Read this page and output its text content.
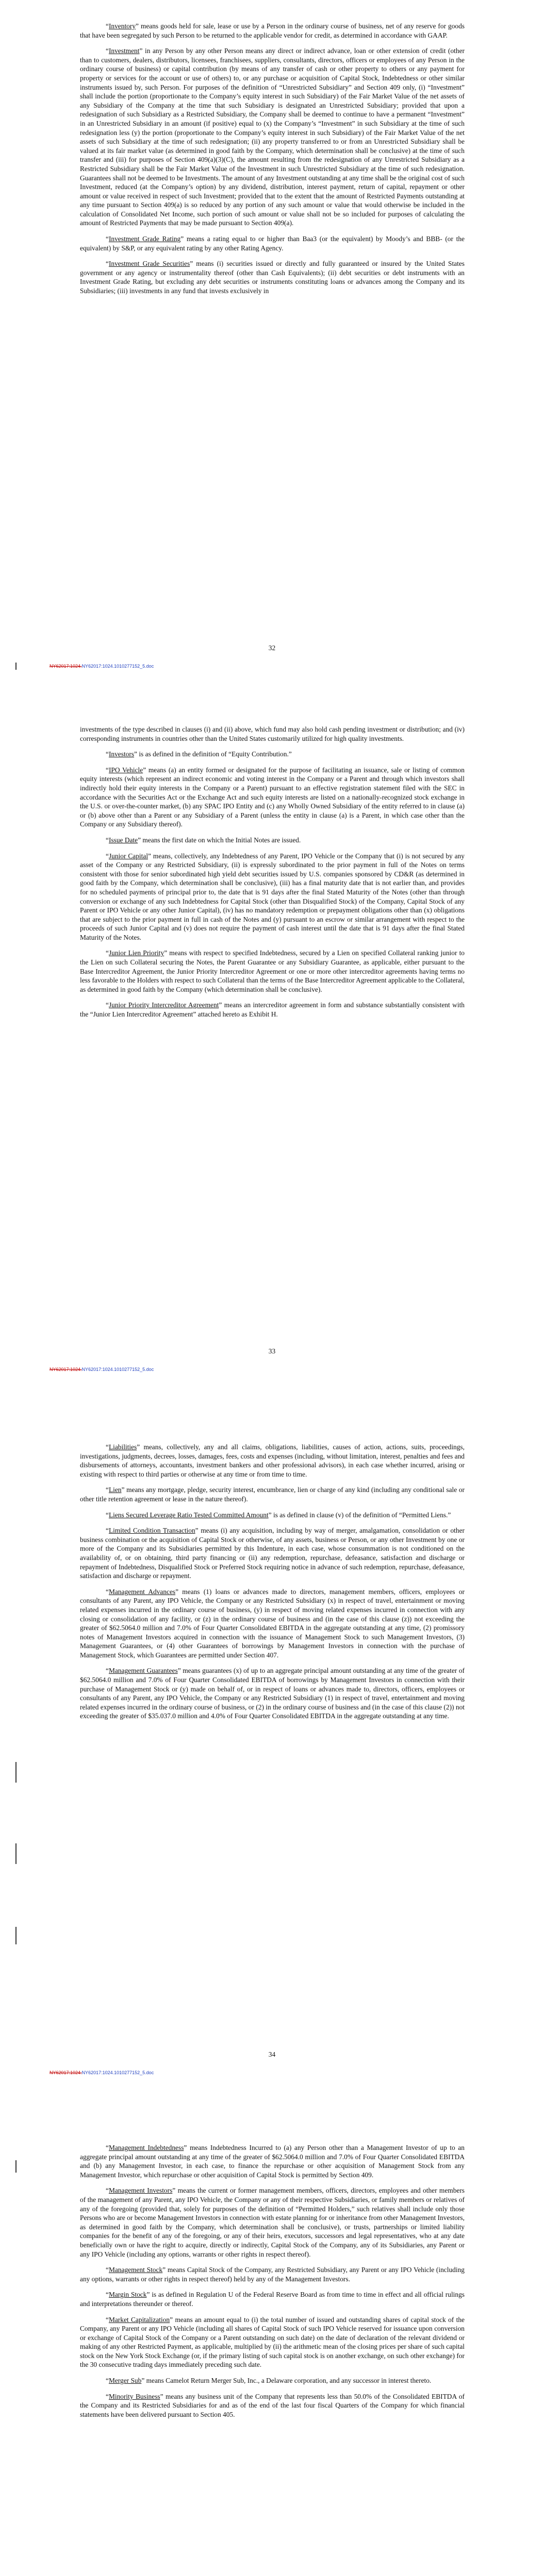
“Inventory” means goods held for sale, lease or use by a Person in the ordinary course of business, net of any reserve for goods that have been segregated by such Person to be returned to the applicable vendor for credit, as determined in accordance with GAAP.

“Investment” in any Person by any other Person means any direct or indirect advance, loan or other extension of credit (other than to customers, dealers, distributors, licensees, franchisees, suppliers, consultants, directors, officers or employees of any Person in the ordinary course of business) or capital contribution (by means of any transfer of cash or other property to others or any payment for property or services for the account or use of others) to, or any purchase or acquisition of Capital Stock, Indebtedness or other similar instruments issued by, such Person. For purposes of the definition of “Unrestricted Subsidiary” and Section 409 only, (i) “Investment” shall include the portion (proportionate to the Company’s equity interest in such Subsidiary) of the Fair Market Value of the net assets of any Subsidiary of the Company at the time that such Subsidiary is designated an Unrestricted Subsidiary; provided that upon a redesignation of such Subsidiary as a Restricted Subsidiary, the Company shall be deemed to continue to have a permanent “Investment” in an Unrestricted Subsidiary in an amount (if positive) equal to (x) the Company’s “Investment” in such Subsidiary at the time of such redesignation less (y) the portion (proportionate to the Company’s equity interest in such Subsidiary) of the Fair Market Value of the net assets of such Subsidiary at the time of such redesignation; (ii) any property transferred to or from an Unrestricted Subsidiary shall be valued at its fair market value (as determined in good faith by the Company, which determination shall be conclusive) at the time of such transfer and (iii) for purposes of Section 409(a)(3)(C), the amount resulting from the redesignation of any Unrestricted Subsidiary as a Restricted Subsidiary shall be the Fair Market Value of the Investment in such Unrestricted Subsidiary at the time of such redesignation. Guarantees shall not be deemed to be Investments. The amount of any Investment outstanding at any time shall be the original cost of such Investment, reduced (at the Company’s option) by any dividend, distribution, interest payment, return of capital, repayment or other amount or value received in respect of such Investment; provided that to the extent that the amount of Restricted Payments outstanding at any time pursuant to Section 409(a) is so reduced by any portion of any such amount or value that would otherwise be included in the calculation of Consolidated Net Income, such portion of such amount or value shall not be so included for purposes of calculating the amount of Restricted Payments that may be made pursuant to Section 409(a).

“Investment Grade Rating” means a rating equal to or higher than Baa3 (or the equivalent) by Moody’s and BBB- (or the equivalent) by S&P, or any equivalent rating by any other Rating Agency.

“Investment Grade Securities” means (i) securities issued or directly and fully guaranteed or insured by the United States government or any agency or instrumentality thereof (other than Cash Equivalents); (ii) debt securities or debt instruments with an Investment Grade Rating, but excluding any debt securities or instruments constituting loans or advances among the Company and its Subsidiaries; (iii) investments in any fund that invests exclusively in

32
NY62017:1024.NY62017:1024.1010277152_5.doc

investments of the type described in clauses (i) and (ii) above, which fund may also hold cash pending investment or distribution; and (iv) corresponding instruments in countries other than the United States customarily utilized for high quality investments.

“Investors” is as defined in the definition of “Equity Contribution.”

“IPO Vehicle” means (a) an entity formed or designated for the purpose of facilitating an issuance, sale or listing of common equity interests (which represent an indirect economic and voting interest in the Company or a Parent and through which investors shall indirectly hold their equity interests in the Company or a Parent) pursuant to an effective registration statement filed with the SEC in accordance with the Securities Act or the Exchange Act and such equity interests are listed on a nationally-recognized stock exchange in the U.S. or over-the-counter market, (b) any SPAC IPO Entity and (c) any Wholly Owned Subsidiary of the entity referred to in clause (a) or (b) above other than a Parent or any Subsidiary of a Parent (unless the entity in clause (a) is a Parent, in which case other than the Company or any Subsidiary thereof).

“Issue Date” means the first date on which the Initial Notes are issued.

“Junior Capital” means, collectively, any Indebtedness of any Parent, IPO Vehicle or the Company that (i) is not secured by any asset of the Company or any Restricted Subsidiary, (ii) is expressly subordinated to the prior payment in full of the Notes on terms consistent with those for senior subordinated high yield debt securities issued by U.S. companies sponsored by CD&R (as determined in good faith by the Company, which determination shall be conclusive), (iii) has a final maturity date that is not earlier than, and provides for no scheduled payments of principal prior to, the date that is 91 days after the final Stated Maturity of the Notes (other than through conversion or exchange of any such Indebtedness for Capital Stock (other than Disqualified Stock) of the Company, Capital Stock of any Parent or IPO Vehicle or any other Junior Capital), (iv) has no mandatory redemption or prepayment obligations other than (x) obligations that are subject to the prior payment in full in cash of the Notes and (y) pursuant to an escrow or similar arrangement with respect to the proceeds of such Junior Capital and (v) does not require the payment of cash interest until the date that is 91 days after the final Stated Maturity of the Notes.

“Junior Lien Priority” means with respect to specified Indebtedness, secured by a Lien on specified Collateral ranking junior to the Lien on such Collateral securing the Notes, the Parent Guarantee or any Subsidiary Guarantee, as applicable, either pursuant to the Base Intercreditor Agreement, the Junior Priority Intercreditor Agreement or one or more other intercreditor agreements having terms no less favorable to the Holders with respect to such Collateral than the terms of the Base Intercreditor Agreement applicable to the Collateral, as determined in good faith by the Company (which determination shall be conclusive).

“Junior Priority Intercreditor Agreement” means an intercreditor agreement in form and substance substantially consistent with the “Junior Lien Intercreditor Agreement” attached hereto as Exhibit H.

33
NY62017:1024.NY62017:1024.1010277152_5.doc

“Liabilities” means, collectively, any and all claims, obligations, liabilities, causes of action, actions, suits, proceedings, investigations, judgments, decrees, losses, damages, fees, costs and expenses (including, without limitation, interest, penalties and fees and disbursements of attorneys, accountants, investment bankers and other professional advisors), in each case whether incurred, arising or existing with respect to third parties or otherwise at any time or from time to time.

“Lien” means any mortgage, pledge, security interest, encumbrance, lien or charge of any kind (including any conditional sale or other title retention agreement or lease in the nature thereof).

“Liens Secured Leverage Ratio Tested Committed Amount” is as defined in clause (v) of the definition of “Permitted Liens.”

“Limited Condition Transaction” means (i) any acquisition, including by way of merger, amalgamation, consolidation or other business combination or the acquisition of Capital Stock or otherwise, of any assets, business or Person, or any other Investment by one or more of the Company and its Subsidiaries permitted by this Indenture, in each case, whose consummation is not conditioned on the availability of, or on obtaining, third party financing or (ii) any redemption, repurchase, defeasance, satisfaction and discharge or repayment of Indebtedness, Disqualified Stock or Preferred Stock requiring notice in advance of such redemption, repurchase, defeasance, satisfaction and discharge or repayment.

“Management Advances” means (1) loans or advances made to directors, management members, officers, employees or consultants of any Parent, any IPO Vehicle, the Company or any Restricted Subsidiary (x) in respect of travel, entertainment or moving related expenses incurred in the ordinary course of business, (y) in respect of moving related expenses incurred in connection with any closing or consolidation of any facility, or (z) in the ordinary course of business and (in the case of this clause (z)) not exceeding the greater of $62.5064.0 million and 7.0% of Four Quarter Consolidated EBITDA in the aggregate outstanding at any time, (2) promissory notes of Management Investors acquired in connection with the issuance of Management Stock to such Management Investors, (3) Management Guarantees, or (4) other Guarantees of borrowings by Management Investors in connection with the purchase of Management Stock, which Guarantees are permitted under Section 407.

“Management Guarantees” means guarantees (x) of up to an aggregate principal amount outstanding at any time of the greater of $62.5064.0 million and 7.0% of Four Quarter Consolidated EBITDA of borrowings by Management Investors in connection with their purchase of Management Stock or (y) made on behalf of, or in respect of loans or advances made to, directors, officers, employees or consultants of any Parent, any IPO Vehicle, the Company or any Restricted Subsidiary (1) in respect of travel, entertainment and moving related expenses incurred in the ordinary course of business, or (2) in the ordinary course of business and (in the case of this clause (2)) not exceeding the greater of $35.037.0 million and 4.0% of Four Quarter Consolidated EBITDA in the aggregate outstanding at any time.

34
NY62017:1024.NY62017:1024.1010277152_5.doc

“Management Indebtedness” means Indebtedness Incurred to (a) any Person other than a Management Investor of up to an aggregate principal amount outstanding at any time of the greater of $62.5064.0 million and 7.0% of Four Quarter Consolidated EBITDA and (b) any Management Investor, in each case, to finance the repurchase or other acquisition of Management Stock from any Management Investor, which repurchase or other acquisition of Capital Stock is permitted by Section 409.

“Management Investors” means the current or former management members, officers, directors, employees and other members of the management of any Parent, any IPO Vehicle, the Company or any of their respective Subsidiaries, or family members or relatives of any of the foregoing (provided that, solely for purposes of the definition of “Permitted Holders,” such relatives shall include only those Persons who are or become Management Investors in connection with estate planning for or inheritance from other Management Investors, as determined in good faith by the Company, which determination shall be conclusive), or trusts, partnerships or limited liability companies for the benefit of any of the foregoing, or any of their heirs, executors, successors and legal representatives, who at any date beneficially own or have the right to acquire, directly or indirectly, Capital Stock of the Company, any of its Subsidiaries, any Parent or any IPO Vehicle (including any options, warrants or other rights in respect thereof).

“Management Stock” means Capital Stock of the Company, any Restricted Subsidiary, any Parent or any IPO Vehicle (including any options, warrants or other rights in respect thereof) held by any of the Management Investors.

“Margin Stock” is as defined in Regulation U of the Federal Reserve Board as from time to time in effect and all official rulings and interpretations thereunder or thereof.

“Market Capitalization” means an amount equal to (i) the total number of issued and outstanding shares of capital stock of the Company, any Parent or any IPO Vehicle (including all shares of Capital Stock of such IPO Vehicle reserved for issuance upon conversion or exchange of Capital Stock of the Company or a Parent outstanding on such date) on the date of declaration of the relevant dividend or making of any other Restricted Payment, as applicable, multiplied by (ii) the arithmetic mean of the closing prices per share of such capital stock on the New York Stock Exchange (or, if the primary listing of such capital stock is on another exchange, on such other exchange) for the 30 consecutive trading days immediately preceding such date.

“Merger Sub” means Camelot Return Merger Sub, Inc., a Delaware corporation, and any successor in interest thereto.

“Minority Business” means any business unit of the Company that represents less than 50.0% of the Consolidated EBITDA of the Company and its Restricted Subsidiaries for and as of the end of the last four fiscal Quarters of the Company for which financial statements have been delivered pursuant to Section 405.
